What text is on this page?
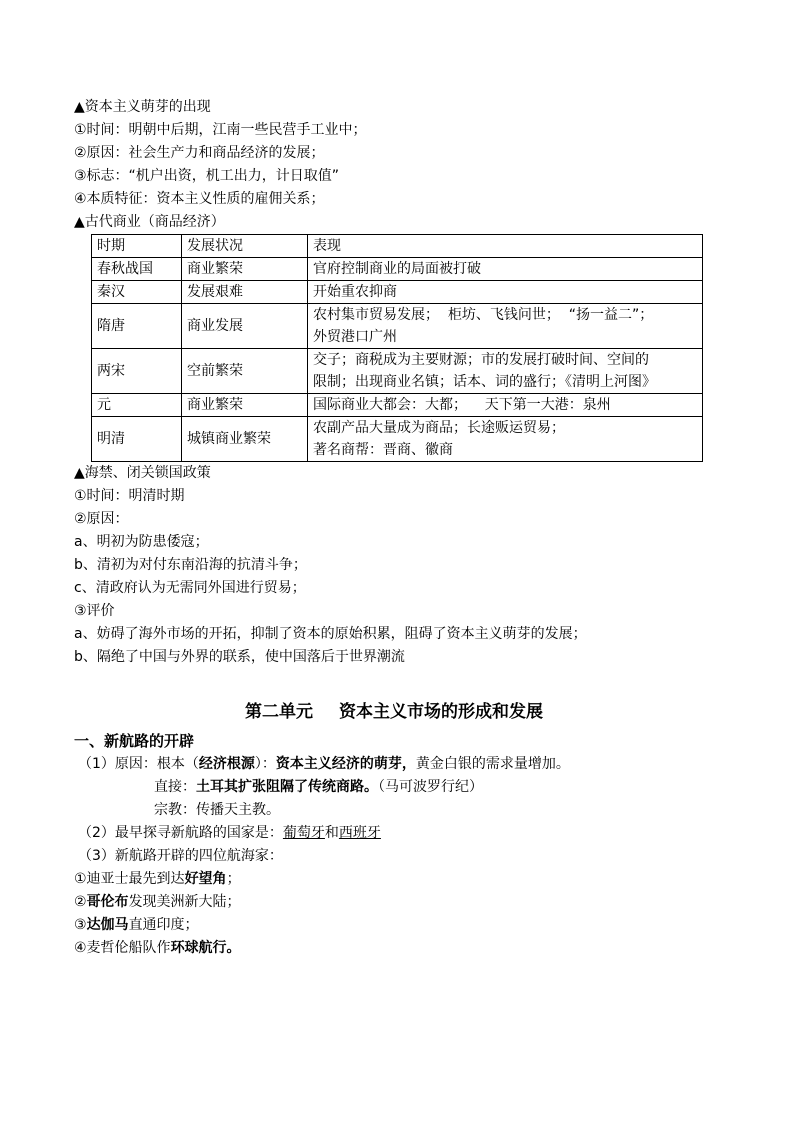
▲资本主义萌芽的出现
①时间：明朝中后期，江南一些民营手工业中；
②原因：社会生产力和商品经济的发展；
③标志：“机户出资，机工出力，计日取值”
④本质特征：资本主义性质的雇佣关系；
▲古代商业（商品经济）
时期	发展状况	表现
春秋战国	商业繁荣	官府控制商业的局面被打破

秦汉	发展艰难	开始重农抑商

隋唐	商业发展	农村集市贸易发展；  柜坊、飞钱问世；  “扬一益二”；
外贸港口广州

两宋	空前繁荣	交子；商税成为主要财源；市的发展打破时间、空间的
限制；出现商业名镇；话本、词的盛行；《清明上河图》

元	商业繁荣	国际商业大都会：大都；    天下第一大港：泉州

明清	城镇商业繁荣	农副产品大量成为商品；长途贩运贸易；
著名商帮：晋商、徽商
▲海禁、闭关锁国政策
①时间：明清时期
②原因：
a、明初为防患倭寇；
b、清初为对付东南沿海的抗清斗争；
c、清政府认为无需同外国进行贸易；
③评价
a、妨碍了海外市场的开拓，抑制了资本的原始积累，阻碍了资本主义萌芽的发展；
b、隔绝了中国与外界的联系，使中国落后于世界潮流
第二单元 资本主义市场的形成和发展
一、新航路的开辟
（1）原因：根本（经济根源）：资本主义经济的萌芽，黄金白银的需求量增加。
直接：土耳其扩张阻隔了传统商路。（马可波罗行纪）
宗教：传播天主教。
（2）最早探寻新航路的国家是：葡萄牙和西班牙
（3）新航路开辟的四位航海家：
①迪亚士最先到达好望角；
②哥伦布发现美洲新大陆；
③达伽马直通印度；
④麦哲伦船队作环球航行。
